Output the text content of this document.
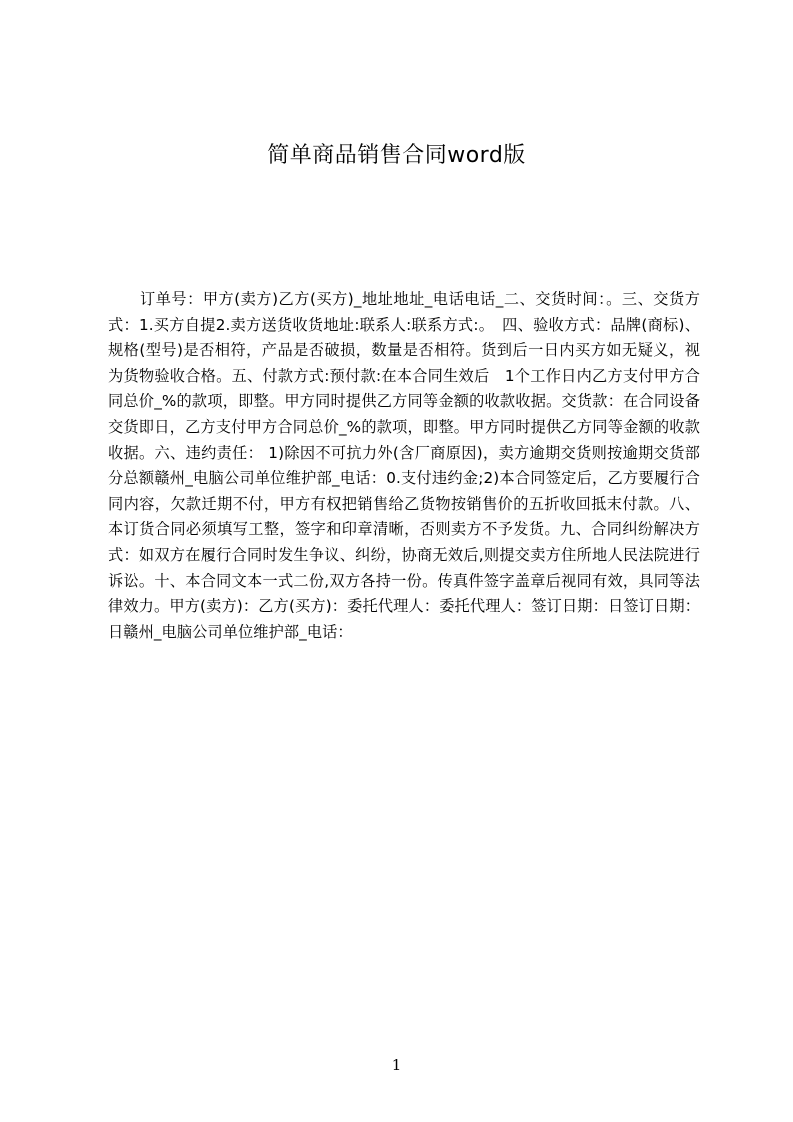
简单商品销售合同word版

订单号：甲方(卖方)乙方(买方)_地址地址_电话电话_二、交货时间：。三、交货方式：1.买方自提2.卖方送货收货地址:联系人:联系方式:。　四、验收方式：品牌(商标)、规格(型号)是否相符，产品是否破损，数量是否相符。货到后一日内买方如无疑义，视为货物验收合格。五、付款方式:预付款:在本合同生效后　1个工作日内乙方支付甲方合同总价_%的款项，即整。甲方同时提供乙方同等金额的收款收据。交货款：在合同设备交货即日，乙方支付甲方合同总价_%的款项，即整。甲方同时提供乙方同等金额的收款收据。六、违约责任： 1)除因不可抗力外(含厂商原因)，卖方逾期交货则按逾期交货部分总额赣州_电脑公司单位维护部_电话：0.支付违约金;2)本合同签定后，乙方要履行合同内容，欠款迁期不付，甲方有权把销售给乙货物按销售价的五折收回抵末付款。八、本订货合同必须填写工整，签字和印章清晰，否则卖方不予发货。九、合同纠纷解决方式：如双方在履行合同时发生争议、纠纷，协商无效后,则提交卖方住所地人民法院进行诉讼。十、本合同文本一式二份,双方各持一份。传真件签字盖章后视同有效，具同等法律效力。甲方(卖方)：乙方(买方)：委托代理人：委托代理人：签订日期：日签订日期：日赣州_电脑公司单位维护部_电话：

1
